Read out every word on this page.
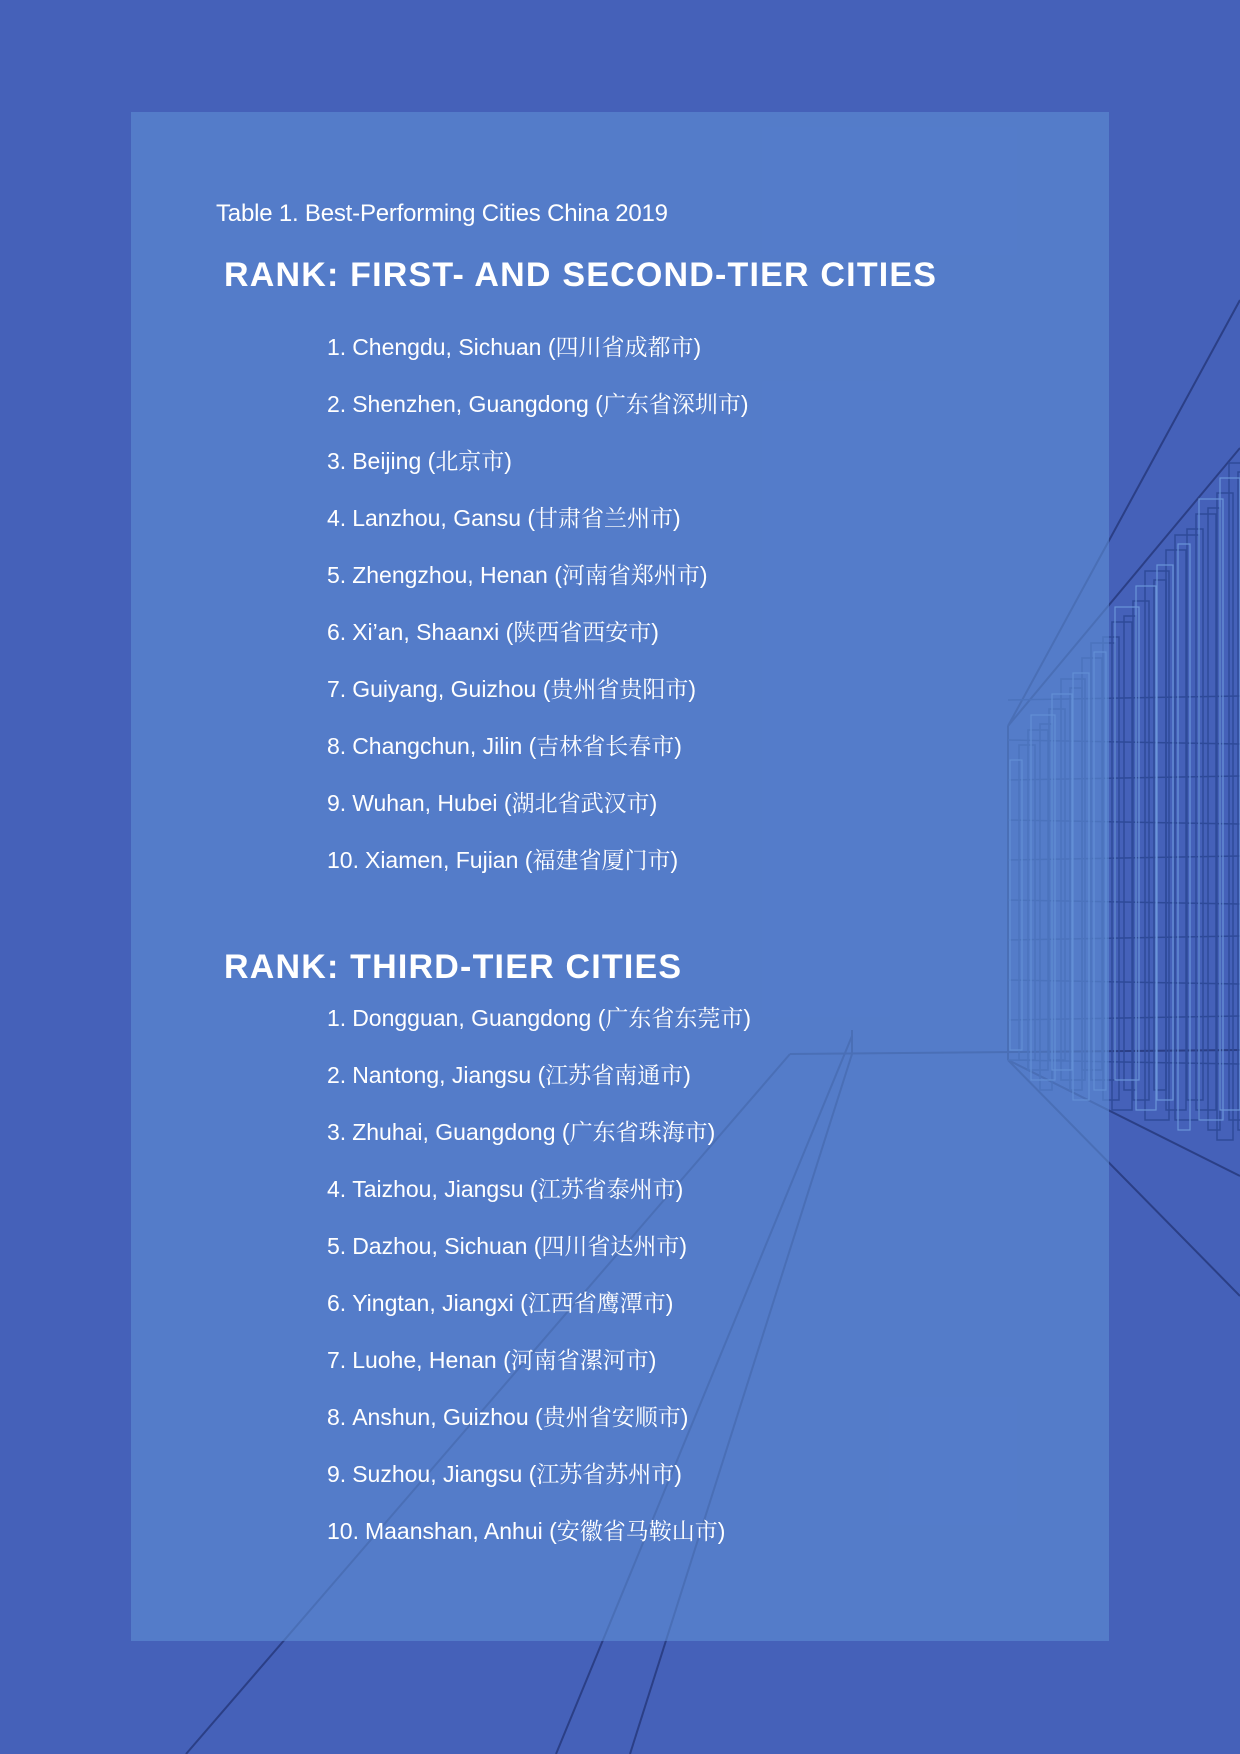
Table 1. Best-Performing Cities China 2019
RANK: FIRST- AND SECOND-TIER CITIES
1. Chengdu, Sichuan (四川省成都市)
2. Shenzhen, Guangdong (广东省深圳市)
3. Beijing (北京市)
4. Lanzhou, Gansu (甘肃省兰州市)
5. Zhengzhou, Henan (河南省郑州市)
6. Xi’an, Shaanxi (陕西省西安市)
7. Guiyang, Guizhou (贵州省贵阳市)
8. Changchun, Jilin (吉林省长春市)
9. Wuhan, Hubei (湖北省武汉市)
10. Xiamen, Fujian (福建省厦门市)
RANK: THIRD-TIER CITIES
1. Dongguan, Guangdong (广东省东莞市)
2. Nantong, Jiangsu (江苏省南通市)
3. Zhuhai, Guangdong (广东省珠海市)
4. Taizhou, Jiangsu (江苏省泰州市)
5. Dazhou, Sichuan (四川省达州市)
6. Yingtan, Jiangxi (江西省鹰潭市)
7. Luohe, Henan (河南省漯河市)
8. Anshun, Guizhou (贵州省安顺市)
9. Suzhou, Jiangsu (江苏省苏州市)
10. Maanshan, Anhui (安徽省马鞍山市)
